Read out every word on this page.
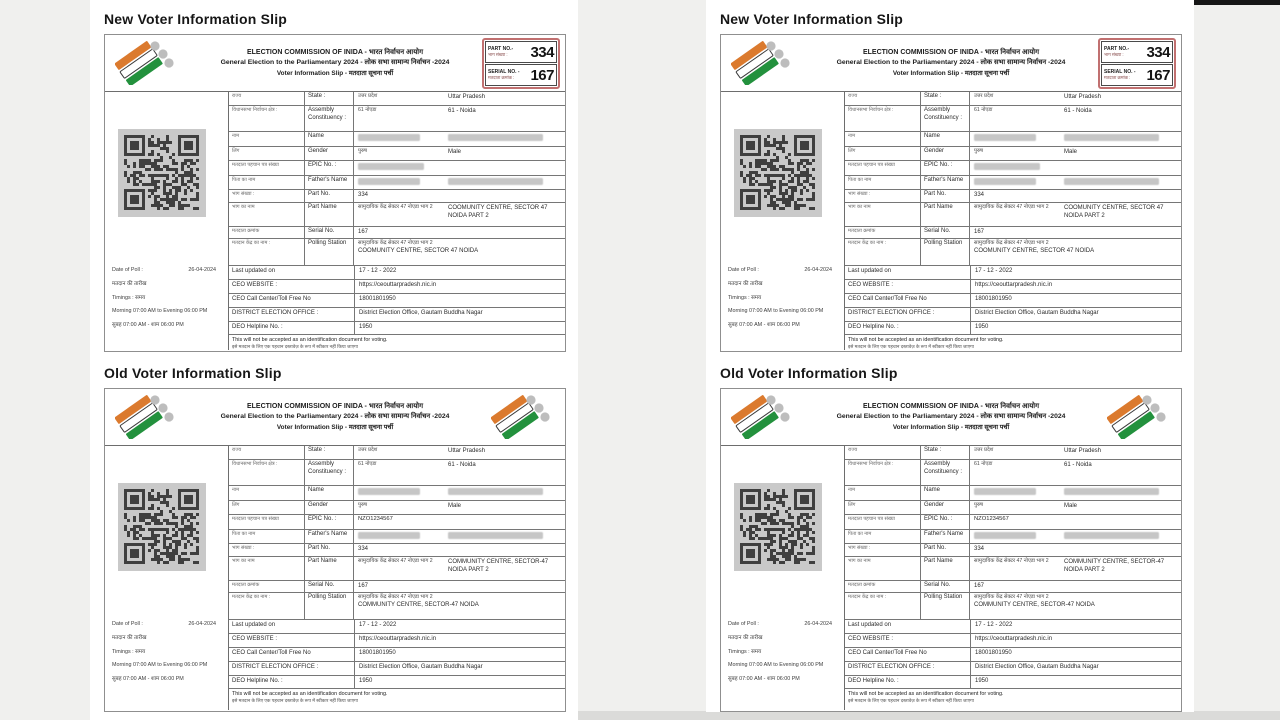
New Voter Information Slip
ELECTION COMMISSION OF INIDA - भारत निर्वाचन आयोग
General Election to the Parliamentary 2024 - लोक सभा सामान्य निर्वाचन -2024
Voter Information Slip - मतदाता सूचना पर्ची
PART NO.-
भाग संख्या :	334
SERIAL NO. -
मतदाता क्रमांक :	167
Date of Poll :	26-04-2024
मतदान की तारीख
Timings : समय
Morning 07:00 AM to Evening 06:00 PM
सुबह 07:00 AM - शाम 06:00 PM
राज्य	State :	उत्तर प्रदेश	Uttar Pradesh
विधानसभा निर्वाचन क्षेत्र :	Assembly Constituency :
61 नोएडा	61 - Noida
नाम	Name
लिंग	Gender	पुरुष	Male
मतदाता पहचान पत्र संख्या	EPIC No. :
पिता का नाम	Father's Name
भाग संख्या :	Part No.	334
भाग का नाम	Part Name	सामुदायिक केंद्र सेक्टर 47 नोएडा भाग 2	COOMUNITY CENTRE, SECTOR 47 NOIDA PART 2
मतदाता क्रमांक	Serial No.	167
मतदान केंद्र का नाम :	Polling Station	सामुदायिक केंद्र सेक्टर 47 नोएडा भाग 2
COOMUNITY CENTRE, SECTOR 47 NOIDA
Last updated on	17 - 12 - 2022
CEO WEBSITE :	https://ceouttarpradesh.nic.in
CEO Call Center/Toll Free No	18001801950
DISTRICT ELECTION OFFICE :	District Election Office, Gautam Buddha Nagar
DEO Helpline No. :	1950
This will not be accepted as an identification document for voting.
इसे मतदान के लिए एक पहचान दस्तावेज़ के रूप में स्वीकार नहीं किया जाएगा
Old Voter Information Slip
ELECTION COMMISSION OF INIDA - भारत निर्वाचन आयोग
General Election to the Parliamentary 2024 - लोक सभा सामान्य निर्वाचन -2024
Voter Information Slip - मतदाता सूचना पर्ची
Date of Poll :	26-04-2024
मतदान की तारीख
Timings : समय
Morning 07:00 AM to Evening 06:00 PM
सुबह 07:00 AM - शाम 06:00 PM
राज्य	State :	उत्तर प्रदेश	Uttar Pradesh
विधानसभा निर्वाचन क्षेत्र :	Assembly Constituency :
61 नोएडा	61 - Noida
नाम	Name
लिंग	Gender	पुरुष	Male
मतदाता पहचान पत्र संख्या	EPIC No. :	NZO1234567
पिता का नाम	Father's Name
भाग संख्या :	Part No.	334
भाग का नाम	Part Name	सामुदायिक केंद्र सेक्टर 47 नोएडा भाग 2	COMMUNITY CENTRE, SECTOR-47 NOIDA PART 2
मतदाता क्रमांक	Serial No.	167
मतदान केंद्र का नाम :	Polling Station	सामुदायिक केंद्र सेक्टर 47 नोएडा भाग 2
COMMUNITY CENTRE, SECTOR-47 NOIDA
Last updated on	17 - 12 - 2022
CEO WEBSITE :	https://ceouttarpradesh.nic.in
CEO Call Center/Toll Free No	18001801950
DISTRICT ELECTION OFFICE :	District Election Office, Gautam Buddha Nagar
DEO Helpline No. :	1950
This will not be accepted as an identification document for voting.
इसे मतदान के लिए एक पहचान दस्तावेज़ के रूप में स्वीकार नहीं किया जाएगा
New Voter Information Slip
ELECTION COMMISSION OF INIDA - भारत निर्वाचन आयोग
General Election to the Parliamentary 2024 - लोक सभा सामान्य निर्वाचन -2024
Voter Information Slip - मतदाता सूचना पर्ची
PART NO.-
भाग संख्या :	334
SERIAL NO. -
मतदाता क्रमांक :	167
Date of Poll :	26-04-2024
मतदान की तारीख
Timings : समय
Morning 07:00 AM to Evening 06:00 PM
सुबह 07:00 AM - शाम 06:00 PM
राज्य	State :	उत्तर प्रदेश	Uttar Pradesh
विधानसभा निर्वाचन क्षेत्र :	Assembly Constituency :
61 नोएडा	61 - Noida
नाम	Name
लिंग	Gender	पुरुष	Male
मतदाता पहचान पत्र संख्या	EPIC No. :
पिता का नाम	Father's Name
भाग संख्या :	Part No.	334
भाग का नाम	Part Name	सामुदायिक केंद्र सेक्टर 47 नोएडा भाग 2	COOMUNITY CENTRE, SECTOR 47 NOIDA PART 2
मतदाता क्रमांक	Serial No.	167
मतदान केंद्र का नाम :	Polling Station	सामुदायिक केंद्र सेक्टर 47 नोएडा भाग 2
COOMUNITY CENTRE, SECTOR 47 NOIDA
Last updated on	17 - 12 - 2022
CEO WEBSITE :	https://ceouttarpradesh.nic.in
CEO Call Center/Toll Free No	18001801950
DISTRICT ELECTION OFFICE :	District Election Office, Gautam Buddha Nagar
DEO Helpline No. :	1950
This will not be accepted as an identification document for voting.
इसे मतदान के लिए एक पहचान दस्तावेज़ के रूप में स्वीकार नहीं किया जाएगा
Old Voter Information Slip
ELECTION COMMISSION OF INIDA - भारत निर्वाचन आयोग
General Election to the Parliamentary 2024 - लोक सभा सामान्य निर्वाचन -2024
Voter Information Slip - मतदाता सूचना पर्ची
Date of Poll :	26-04-2024
मतदान की तारीख
Timings : समय
Morning 07:00 AM to Evening 06:00 PM
सुबह 07:00 AM - शाम 06:00 PM
राज्य	State :	उत्तर प्रदेश	Uttar Pradesh
विधानसभा निर्वाचन क्षेत्र :	Assembly Constituency :
61 नोएडा	61 - Noida
नाम	Name
लिंग	Gender	पुरुष	Male
मतदाता पहचान पत्र संख्या	EPIC No. :	NZO1234567
पिता का नाम	Father's Name
भाग संख्या :	Part No.	334
भाग का नाम	Part Name	सामुदायिक केंद्र सेक्टर 47 नोएडा भाग 2	COMMUNITY CENTRE, SECTOR-47 NOIDA PART 2
मतदाता क्रमांक	Serial No.	167
मतदान केंद्र का नाम :	Polling Station	सामुदायिक केंद्र सेक्टर 47 नोएडा भाग 2
COMMUNITY CENTRE, SECTOR-47 NOIDA
Last updated on	17 - 12 - 2022
CEO WEBSITE :	https://ceouttarpradesh.nic.in
CEO Call Center/Toll Free No	18001801950
DISTRICT ELECTION OFFICE :	District Election Office, Gautam Buddha Nagar
DEO Helpline No. :	1950
This will not be accepted as an identification document for voting.
इसे मतदान के लिए एक पहचान दस्तावेज़ के रूप में स्वीकार नहीं किया जाएगा
